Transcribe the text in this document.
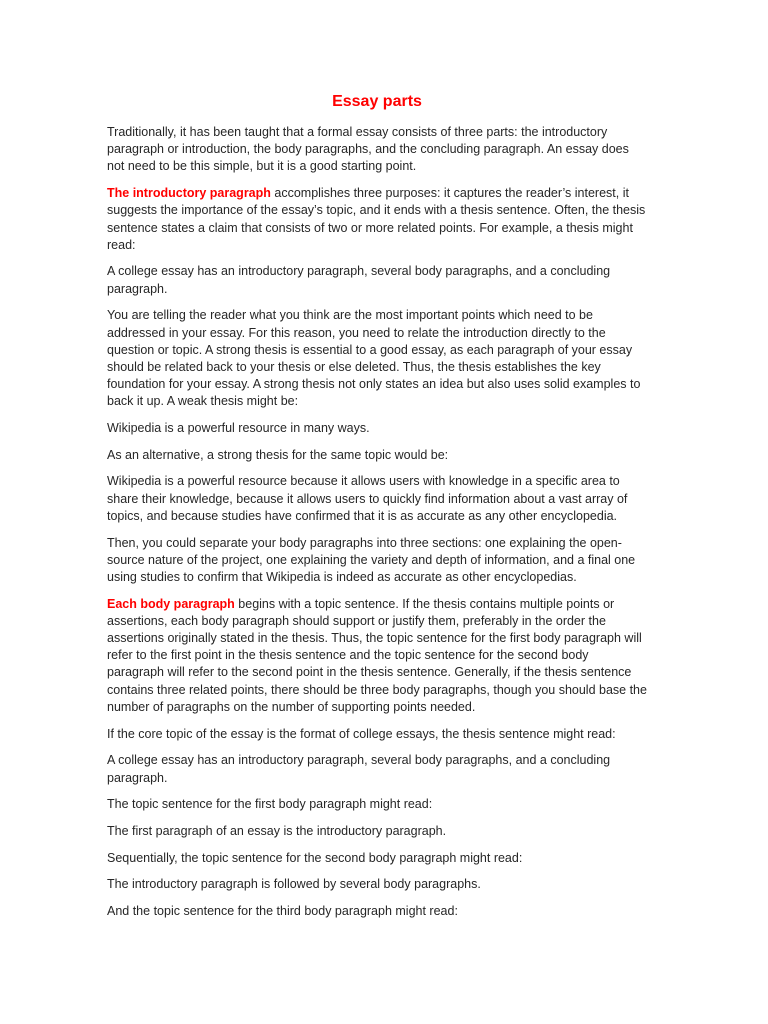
Essay parts

Traditionally, it has been taught that a formal essay consists of three parts: the introductory paragraph or introduction, the body paragraphs, and the concluding paragraph. An essay does not need to be this simple, but it is a good starting point.

The introductory paragraph accomplishes three purposes: it captures the reader’s interest, it suggests the importance of the essay’s topic, and it ends with a thesis sentence. Often, the thesis sentence states a claim that consists of two or more related points. For example, a thesis might read:

A college essay has an introductory paragraph, several body paragraphs, and a concluding paragraph.

You are telling the reader what you think are the most important points which need to be addressed in your essay. For this reason, you need to relate the introduction directly to the question or topic. A strong thesis is essential to a good essay, as each paragraph of your essay should be related back to your thesis or else deleted. Thus, the thesis establishes the key foundation for your essay. A strong thesis not only states an idea but also uses solid examples to back it up. A weak thesis might be:

Wikipedia is a powerful resource in many ways.

As an alternative, a strong thesis for the same topic would be:

Wikipedia is a powerful resource because it allows users with knowledge in a specific area to share their knowledge, because it allows users to quickly find information about a vast array of topics, and because studies have confirmed that it is as accurate as any other encyclopedia.

Then, you could separate your body paragraphs into three sections: one explaining the open-source nature of the project, one explaining the variety and depth of information, and a final one using studies to confirm that Wikipedia is indeed as accurate as other encyclopedias.

Each body paragraph begins with a topic sentence. If the thesis contains multiple points or assertions, each body paragraph should support or justify them, preferably in the order the assertions originally stated in the thesis. Thus, the topic sentence for the first body paragraph will refer to the first point in the thesis sentence and the topic sentence for the second body paragraph will refer to the second point in the thesis sentence. Generally, if the thesis sentence contains three related points, there should be three body paragraphs, though you should base the number of paragraphs on the number of supporting points needed.

If the core topic of the essay is the format of college essays, the thesis sentence might read:

A college essay has an introductory paragraph, several body paragraphs, and a concluding paragraph.

The topic sentence for the first body paragraph might read:

The first paragraph of an essay is the introductory paragraph.

Sequentially, the topic sentence for the second body paragraph might read:

The introductory paragraph is followed by several body paragraphs.

And the topic sentence for the third body paragraph might read:
